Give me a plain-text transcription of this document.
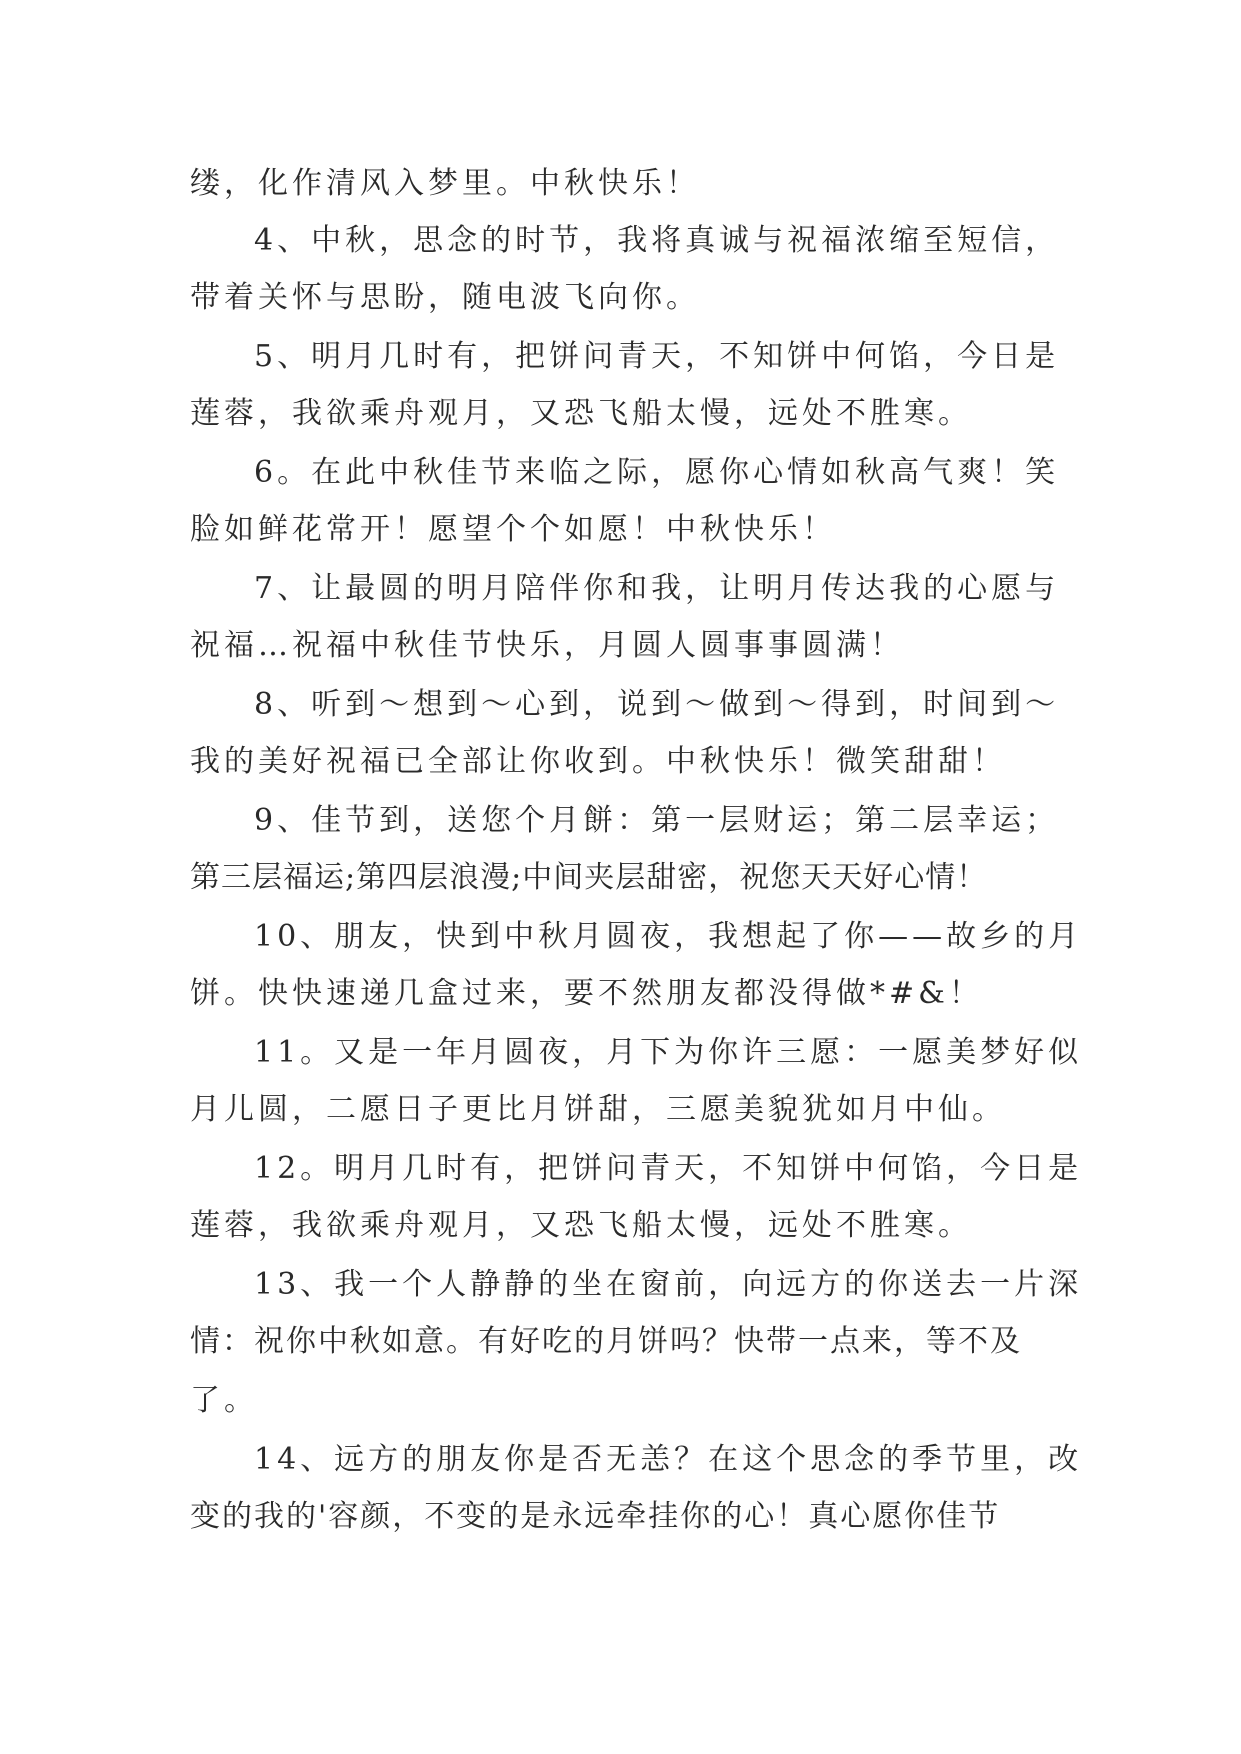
缕，化作清风入梦里。中秋快乐！

4、中秋，思念的时节，我将真诚与祝福浓缩至短信，

带着关怀与思盼，随电波飞向你。

5、明月几时有，把饼问青天，不知饼中何馅，今日是

莲蓉，我欲乘舟观月，又恐飞船太慢，远处不胜寒。

6。在此中秋佳节来临之际，愿你心情如秋高气爽！笑

脸如鲜花常开！愿望个个如愿！中秋快乐！

7、让最圆的明月陪伴你和我，让明月传达我的心愿与

祝福…祝福中秋佳节快乐，月圆人圆事事圆满！

8、听到～想到～心到，说到～做到～得到，时间到～

我的美好祝福已全部让你收到。中秋快乐！微笑甜甜！

9、佳节到，送您个月餅：第一层财运；第二层幸运；

第三层福运;第四层浪漫;中间夹层甜密，祝您天天好心情！

10、朋友，快到中秋月圆夜，我想起了你——故乡的月

饼。快快速递几盒过来，要不然朋友都没得做*#&！

11。又是一年月圆夜，月下为你许三愿：一愿美梦好似

月儿圆，二愿日子更比月饼甜，三愿美貌犹如月中仙。

12。明月几时有，把饼问青天，不知饼中何馅，今日是

莲蓉，我欲乘舟观月，又恐飞船太慢，远处不胜寒。

13、我一个人静静的坐在窗前，向远方的你送去一片深

情：祝你中秋如意。有好吃的月饼吗？快带一点来，等不及

了。

14、远方的朋友你是否无恙？在这个思念的季节里，改

变的我的'容颜，不变的是永远牵挂你的心！真心愿你佳节
